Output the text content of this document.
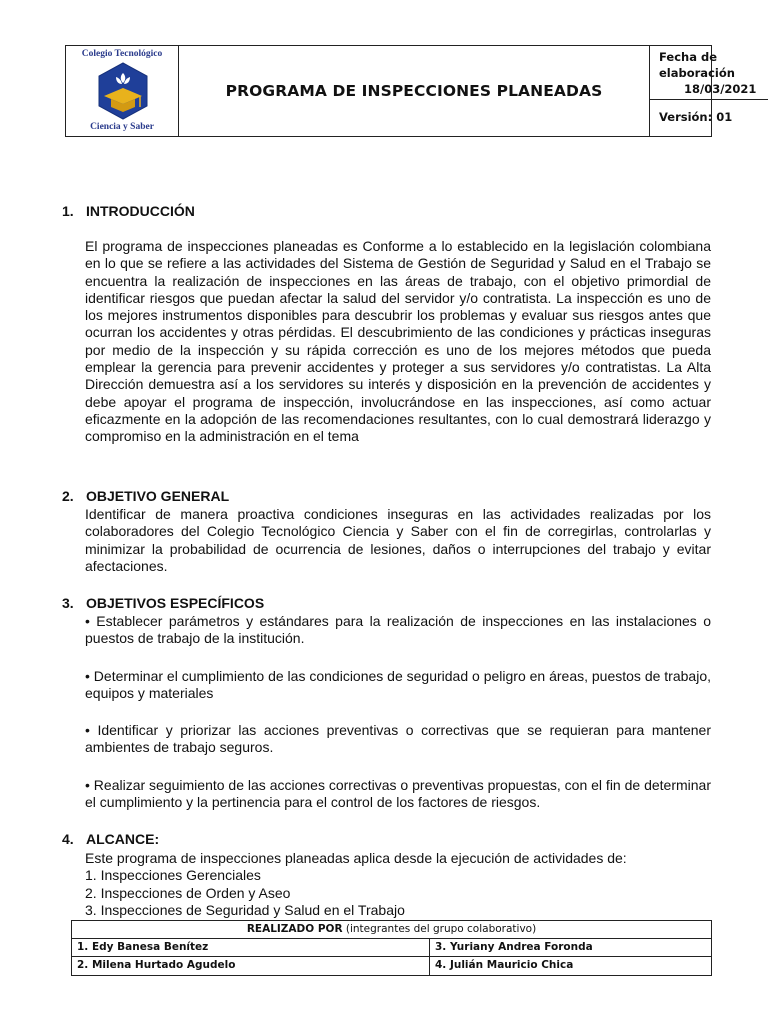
Colegio Tecnológico
Ciencia y Saber
PROGRAMA DE INSPECCIONES PLANEADAS
Fecha de elaboración
18/03/2021
Versión: 01
1. INTRODUCCIÓN
El programa de inspecciones planeadas es Conforme a lo establecido en la legislación colombiana en lo que se refiere a las actividades del Sistema de Gestión de Seguridad y Salud en el Trabajo se encuentra la realización de inspecciones en las áreas de trabajo, con el objetivo primordial de identificar riesgos que puedan afectar la salud del servidor y/o contratista. La inspección es uno de los mejores instrumentos disponibles para descubrir los problemas y evaluar sus riesgos antes que ocurran los accidentes y otras pérdidas. El descubrimiento de las condiciones y prácticas inseguras por medio de la inspección y su rápida corrección es uno de los mejores métodos que pueda emplear la gerencia para prevenir accidentes y proteger a sus servidores y/o contratistas. La Alta Dirección demuestra así a los servidores su interés y disposición en la prevención de accidentes y debe apoyar el programa de inspección, involucrándose en las inspecciones, así como actuar eficazmente en la adopción de las recomendaciones resultantes, con lo cual demostrará liderazgo y compromiso en la administración en el tema
2. OBJETIVO GENERAL
Identificar de manera proactiva condiciones inseguras en las actividades realizadas por los colaboradores del Colegio Tecnológico Ciencia y Saber con el fin de corregirlas, controlarlas y minimizar la probabilidad de ocurrencia de lesiones, daños o interrupciones del trabajo y evitar afectaciones.
3. OBJETIVOS ESPECÍFICOS
• Establecer parámetros y estándares para la realización de inspecciones en las instalaciones o puestos de trabajo de la institución.
• Determinar el cumplimiento de las condiciones de seguridad o peligro en áreas, puestos de trabajo, equipos y materiales
• Identificar y priorizar las acciones preventivas o correctivas que se requieran para mantener ambientes de trabajo seguros.
• Realizar seguimiento de las acciones correctivas o preventivas propuestas, con el fin de determinar el cumplimiento y la pertinencia para el control de los factores de riesgos.
4. ALCANCE:
Este programa de inspecciones planeadas aplica desde la ejecución de actividades de:
1. Inspecciones Gerenciales
2. Inspecciones de Orden y Aseo
3. Inspecciones de Seguridad y Salud en el Trabajo
REALIZADO POR (integrantes del grupo colaborativo)
1. Edy Banesa Benítez	3. Yuriany Andrea Foronda
2. Milena Hurtado Agudelo	4. Julián Mauricio Chica
